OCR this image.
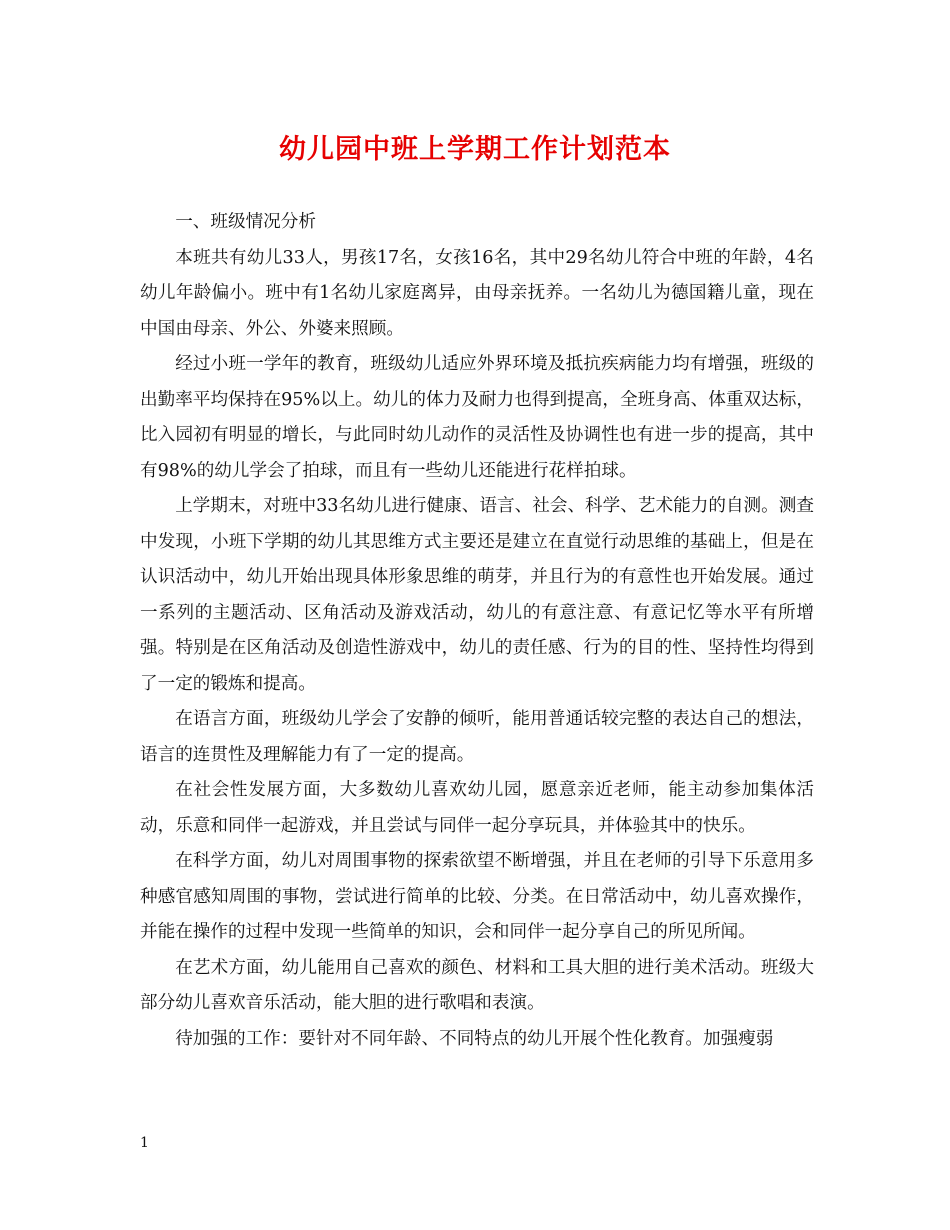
幼儿园中班上学期工作计划范本

一、班级情况分析

本班共有幼儿33人，男孩17名，女孩16名，其中29名幼儿符合中班的年龄，4名幼儿年龄偏小。班中有1名幼儿家庭离异，由母亲抚养。一名幼儿为德国籍儿童，现在中国由母亲、外公、外婆来照顾。

经过小班一学年的教育，班级幼儿适应外界环境及抵抗疾病能力均有增强，班级的出勤率平均保持在95%以上。幼儿的体力及耐力也得到提高，全班身高、体重双达标，比入园初有明显的增长，与此同时幼儿动作的灵活性及协调性也有进一步的提高，其中有98%的幼儿学会了拍球，而且有一些幼儿还能进行花样拍球。

上学期末，对班中33名幼儿进行健康、语言、社会、科学、艺术能力的自测。测查中发现，小班下学期的幼儿其思维方式主要还是建立在直觉行动思维的基础上，但是在认识活动中，幼儿开始出现具体形象思维的萌芽，并且行为的有意性也开始发展。通过一系列的主题活动、区角活动及游戏活动，幼儿的有意注意、有意记忆等水平有所增强。特别是在区角活动及创造性游戏中，幼儿的责任感、行为的目的性、坚持性均得到了一定的锻炼和提高。

在语言方面，班级幼儿学会了安静的倾听，能用普通话较完整的表达自己的想法，语言的连贯性及理解能力有了一定的提高。

在社会性发展方面，大多数幼儿喜欢幼儿园，愿意亲近老师，能主动参加集体活动，乐意和同伴一起游戏，并且尝试与同伴一起分享玩具，并体验其中的快乐。

在科学方面，幼儿对周围事物的探索欲望不断增强，并且在老师的引导下乐意用多种感官感知周围的事物，尝试进行简单的比较、分类。在日常活动中，幼儿喜欢操作，并能在操作的过程中发现一些简单的知识，会和同伴一起分享自己的所见所闻。

在艺术方面，幼儿能用自己喜欢的颜色、材料和工具大胆的进行美术活动。班级大部分幼儿喜欢音乐活动，能大胆的进行歌唱和表演。

待加强的工作：要针对不同年龄、不同特点的幼儿开展个性化教育。加强瘦弱

1
